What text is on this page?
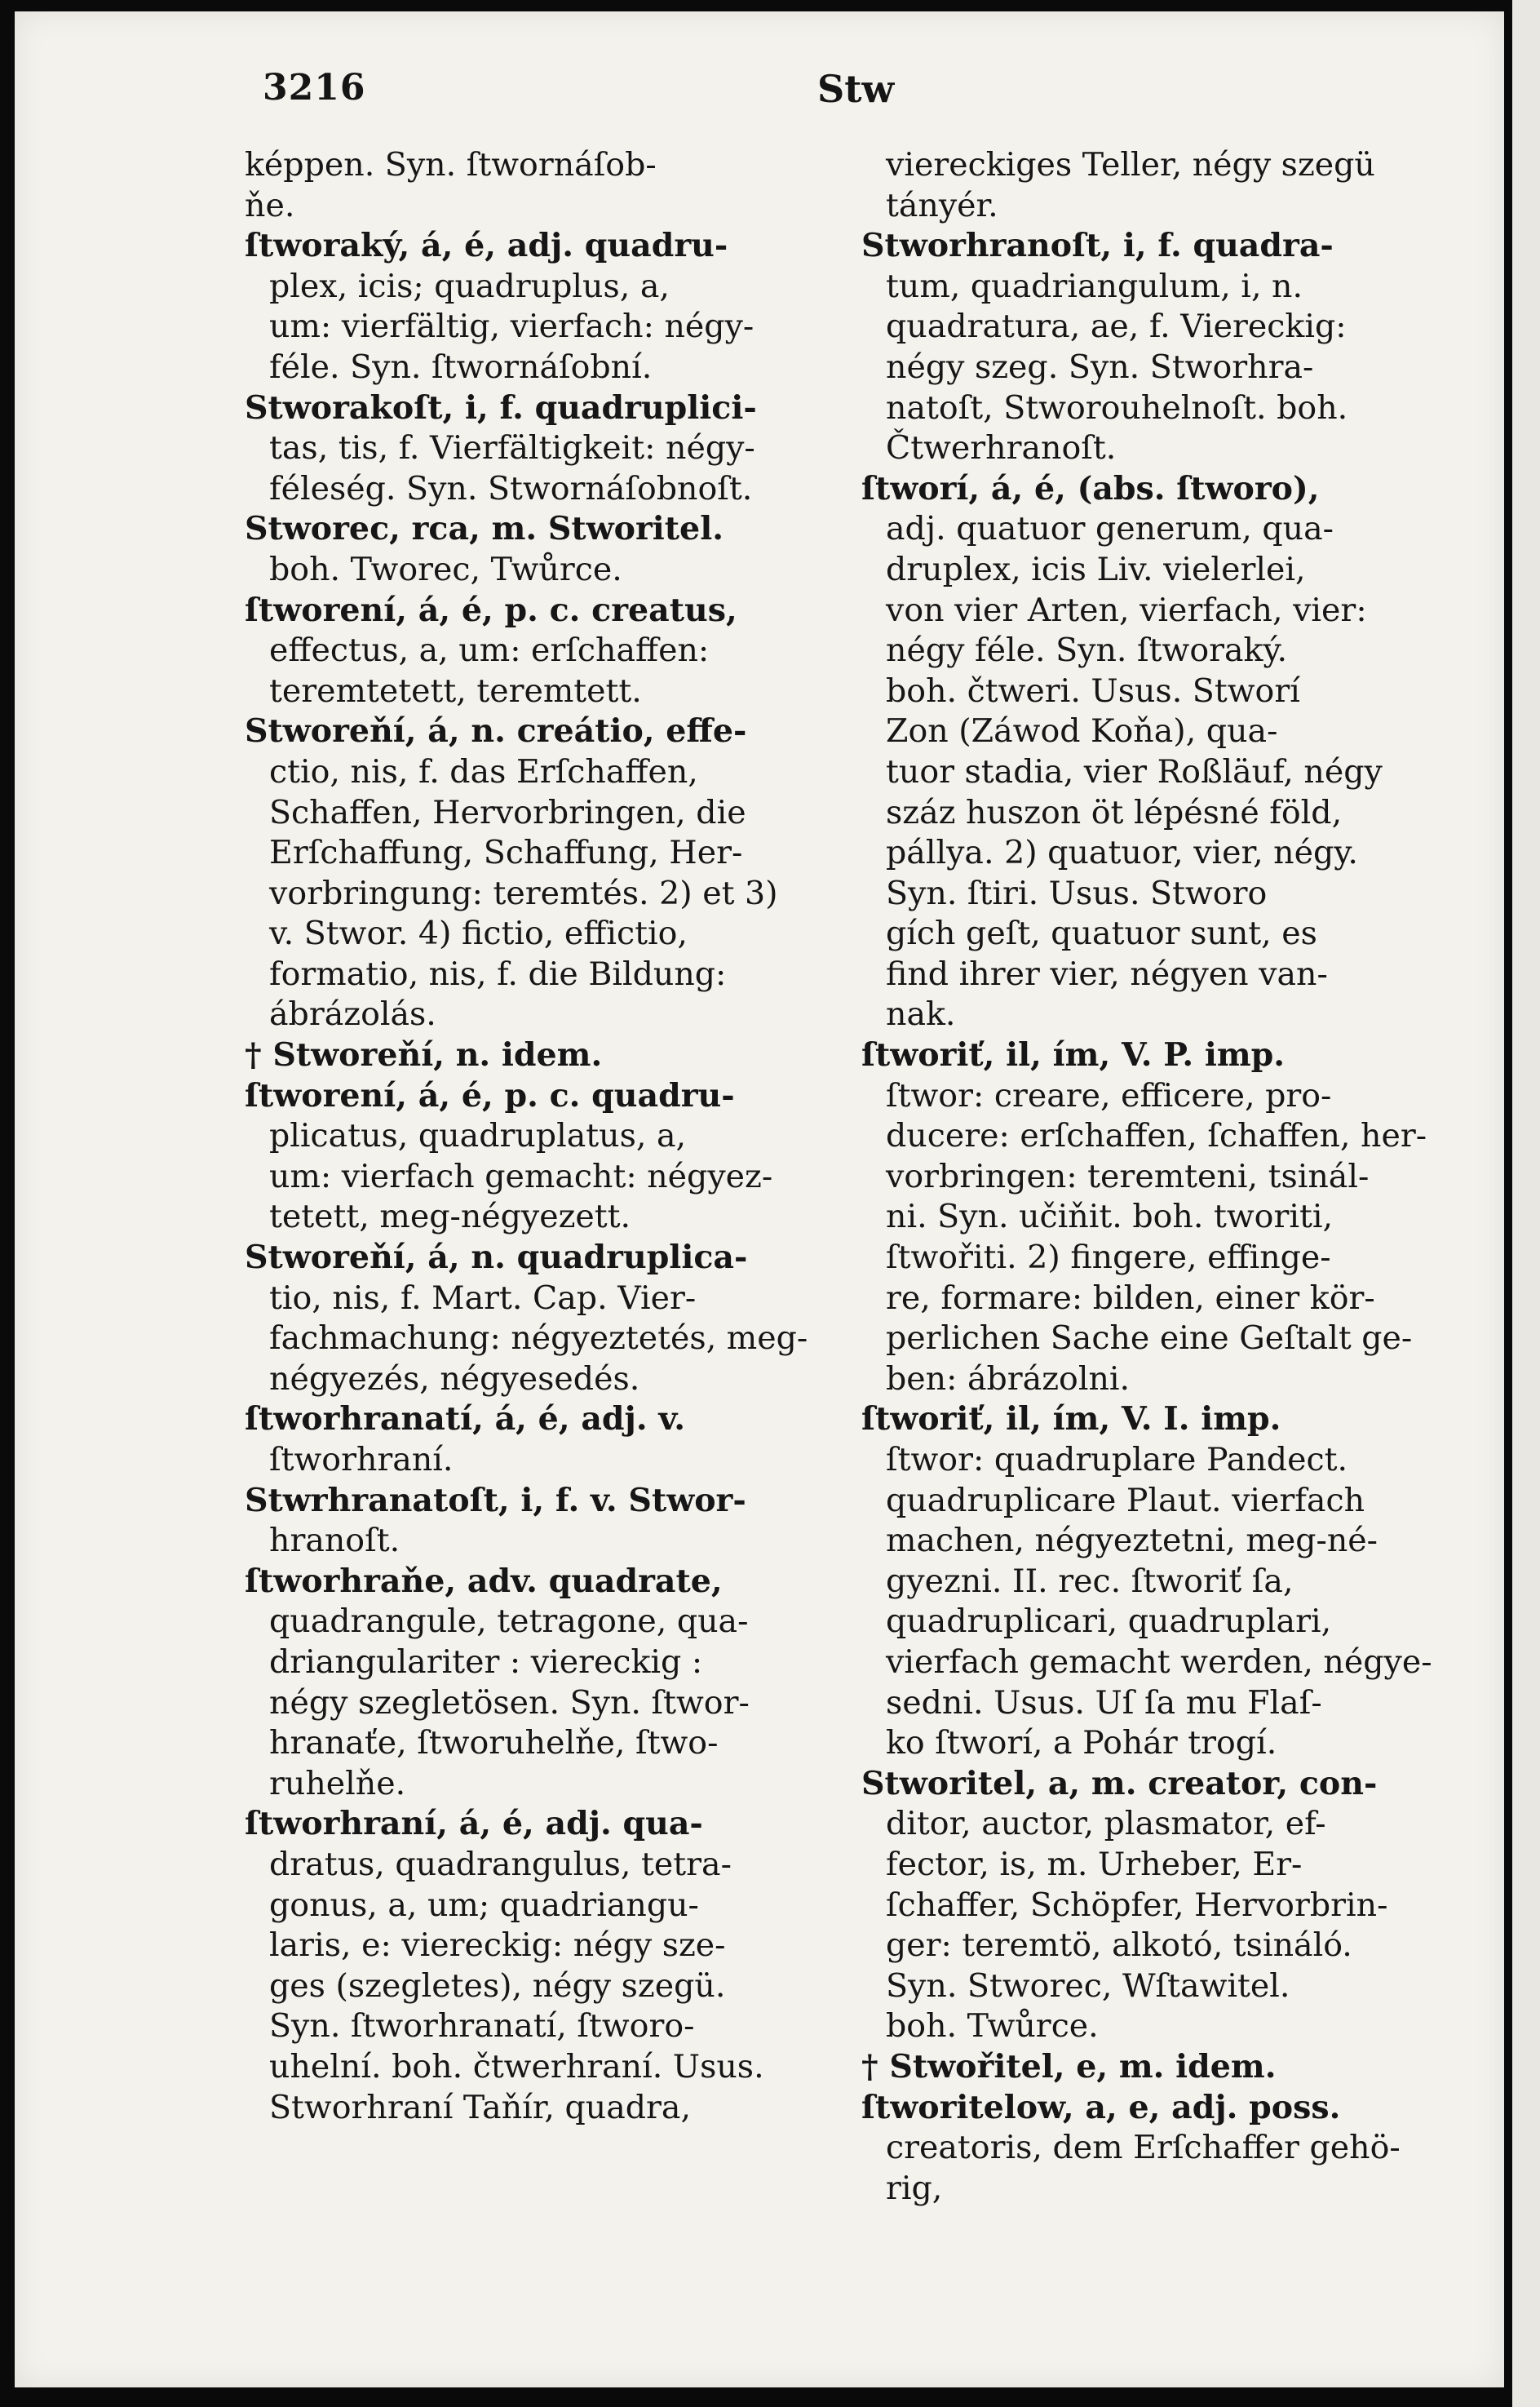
3216	Stw
képpen. Syn. ſtwornáſob-
ňe.
ſtworaký, á, é, adj. quadru-
plex, icis; quadruplus, a,
um: vierfältig, vierfach: négy-
féle. Syn. ſtwornáſobní.
Stworakoſt, i, f. quadruplici-
tas, tis, f. Vierfältigkeit: négy-
féleség. Syn. Stwornáſobnoſt.
Stworec, rca, m. Stworitel.
boh. Tworec, Twůrce.
ſtworení, á, é, p. c. creatus,
effectus, a, um: erſchaffen:
teremtetett, teremtett.
Stworeňí, á, n. creátio, effe-
ctio, nis, f. das Erſchaffen,
Schaffen, Hervorbringen, die
Erſchaffung, Schaffung, Her-
vorbringung: teremtés. 2) et 3)
v. Stwor. 4) fictio, effictio,
formatio, nis, f. die Bildung:
ábrázolás.
† Stworeňí, n. idem.
ſtworení, á, é, p. c. quadru-
plicatus, quadruplatus, a,
um: vierfach gemacht: négyez-
tetett, meg-négyezett.
Stworeňí, á, n. quadruplica-
tio, nis, f. Mart. Cap. Vier-
fachmachung: négyeztetés, meg-
négyezés, négyesedés.
ſtworhranatí, á, é, adj. v.
ſtworhraní.
Stwrhranatoſt, i, f. v. Stwor-
hranoſt.
ſtworhraňe, adv. quadrate,
quadrangule, tetragone, qua-
driangulariter : viereckig :
négy szegletösen. Syn. ſtwor-
hranaťe, ſtworuhelňe, ſtwo-
ruhelňe.
ſtworhraní, á, é, adj. qua-
dratus, quadrangulus, tetra-
gonus, a, um; quadriangu-
laris, e: viereckig: négy sze-
ges (szegletes), négy szegü.
Syn. ſtworhranatí, ſtworo-
uhelní. boh. čtwerhraní. Usus.
Stworhraní Taňír, quadra,
viereckiges Teller, négy szegü
tányér.
Stworhranoſt, i, f. quadra-
tum, quadriangulum, i, n.
quadratura, ae, f. Viereckig:
négy szeg. Syn. Stworhra-
natoſt, Stworouhelnoſt. boh.
Čtwerhranoſt.
ſtworí, á, é, (abs. ſtworo),
adj. quatuor generum, qua-
druplex, icis Liv. vielerlei,
von vier Arten, vierfach, vier:
négy féle. Syn. ſtworaký.
boh. čtweri. Usus. Stworí
Zon (Záwod Koňa), qua-
tuor stadia, vier Roßläuf, négy
száz huszon öt lépésné föld,
pállya. 2) quatuor, vier, négy.
Syn. ſtiri. Usus. Stworo
gích geſt, quatuor sunt, es
find ihrer vier, négyen van-
nak.
ſtworiť, il, ím, V. P. imp.
ſtwor: creare, efficere, pro-
ducere: erſchaffen, ſchaffen, her-
vorbringen: teremteni, tsinál-
ni. Syn. učiňit. boh. tworiti,
ſtwořiti. 2) fingere, effinge-
re, formare: bilden, einer kör-
perlichen Sache eine Geſtalt ge-
ben: ábrázolni.
ſtworiť, il, ím, V. I. imp.
ſtwor: quadruplare Pandect.
quadruplicare Plaut. vierfach
machen, négyeztetni, meg-né-
gyezni. II. rec. ſtworiť ſa,
quadruplicari, quadruplari,
vierfach gemacht werden, négye-
sedni. Usus. Uſ ſa mu Flaſ-
ko ſtworí, a Pohár trogí.
Stworitel, a, m. creator, con-
ditor, auctor, plasmator, ef-
fector, is, m. Urheber, Er-
ſchaffer, Schöpfer, Hervorbrin-
ger: teremtö, alkotó, tsináló.
Syn. Stworec, Wſtawitel.
boh. Twůrce.
† Stwořitel, e, m. idem.
ſtworitelow, a, e, adj. poss.
creatoris, dem Erſchaffer gehö-
rig,
